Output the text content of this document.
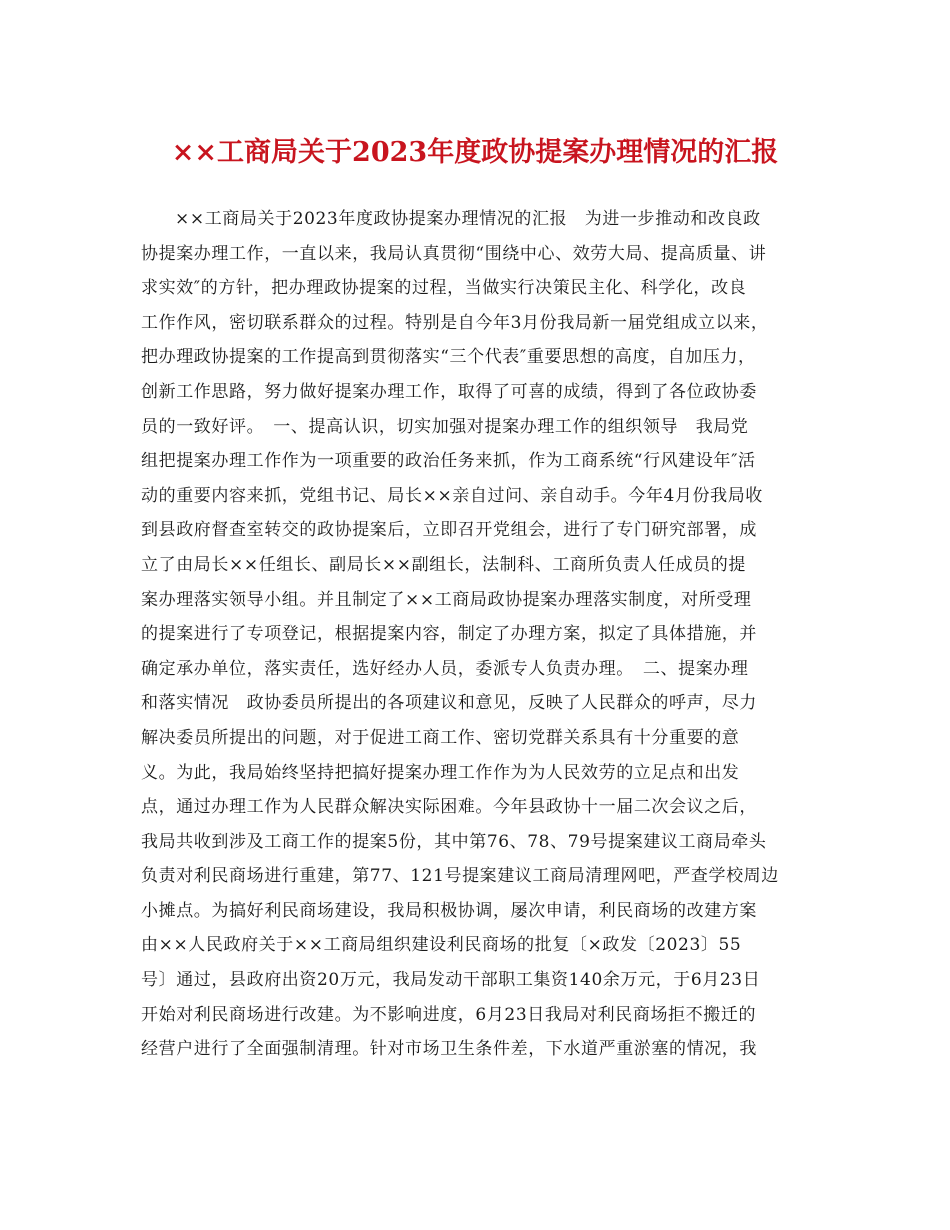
××工商局关于2023年度政协提案办理情况的汇报
××工商局关于2023年度政协提案办理情况的汇报　为进一步推动和改良政
协提案办理工作，一直以来，我局认真贯彻“围绕中心、效劳大局、提高质量、讲
求实效″的方针，把办理政协提案的过程，当做实行决策民主化、科学化，改良
工作作风，密切联系群众的过程。特别是自今年3月份我局新一届党组成立以来，
把办理政协提案的工作提高到贯彻落实“三个代表″重要思想的高度，自加压力，
创新工作思路，努力做好提案办理工作，取得了可喜的成绩，得到了各位政协委
员的一致好评。　一、提高认识，切实加强对提案办理工作的组织领导　我局党
组把提案办理工作作为一项重要的政治任务来抓，作为工商系统“行风建设年″活
动的重要内容来抓，党组书记、局长××亲自过问、亲自动手。今年4月份我局收
到县政府督查室转交的政协提案后，立即召开党组会，进行了专门研究部署，成
立了由局长××任组长、副局长××副组长，法制科、工商所负责人任成员的提
案办理落实领导小组。并且制定了××工商局政协提案办理落实制度，对所受理
的提案进行了专项登记，根据提案内容，制定了办理方案，拟定了具体措施，并
确定承办单位，落实责任，选好经办人员，委派专人负责办理。　二、提案办理
和落实情况　政协委员所提出的各项建议和意见，反映了人民群众的呼声，尽力
解决委员所提出的问题，对于促进工商工作、密切党群关系具有十分重要的意
义。为此，我局始终坚持把搞好提案办理工作作为为人民效劳的立足点和出发
点，通过办理工作为人民群众解决实际困难。今年县政协十一届二次会议之后，
我局共收到涉及工商工作的提案5份，其中第76、78、79号提案建议工商局牵头
负责对利民商场进行重建，第77、121号提案建议工商局清理网吧，严查学校周边
小摊点。为搞好利民商场建设，我局积极协调，屡次申请，利民商场的改建方案
由××人民政府关于××工商局组织建设利民商场的批复〔×政发〔2023〕55
号〕通过，县政府出资20万元，我局发动干部职工集资140余万元，于6月23日
开始对利民商场进行改建。为不影响进度，6月23日我局对利民商场拒不搬迁的
经营户进行了全面强制清理。针对市场卫生条件差，下水道严重淤塞的情况，我
